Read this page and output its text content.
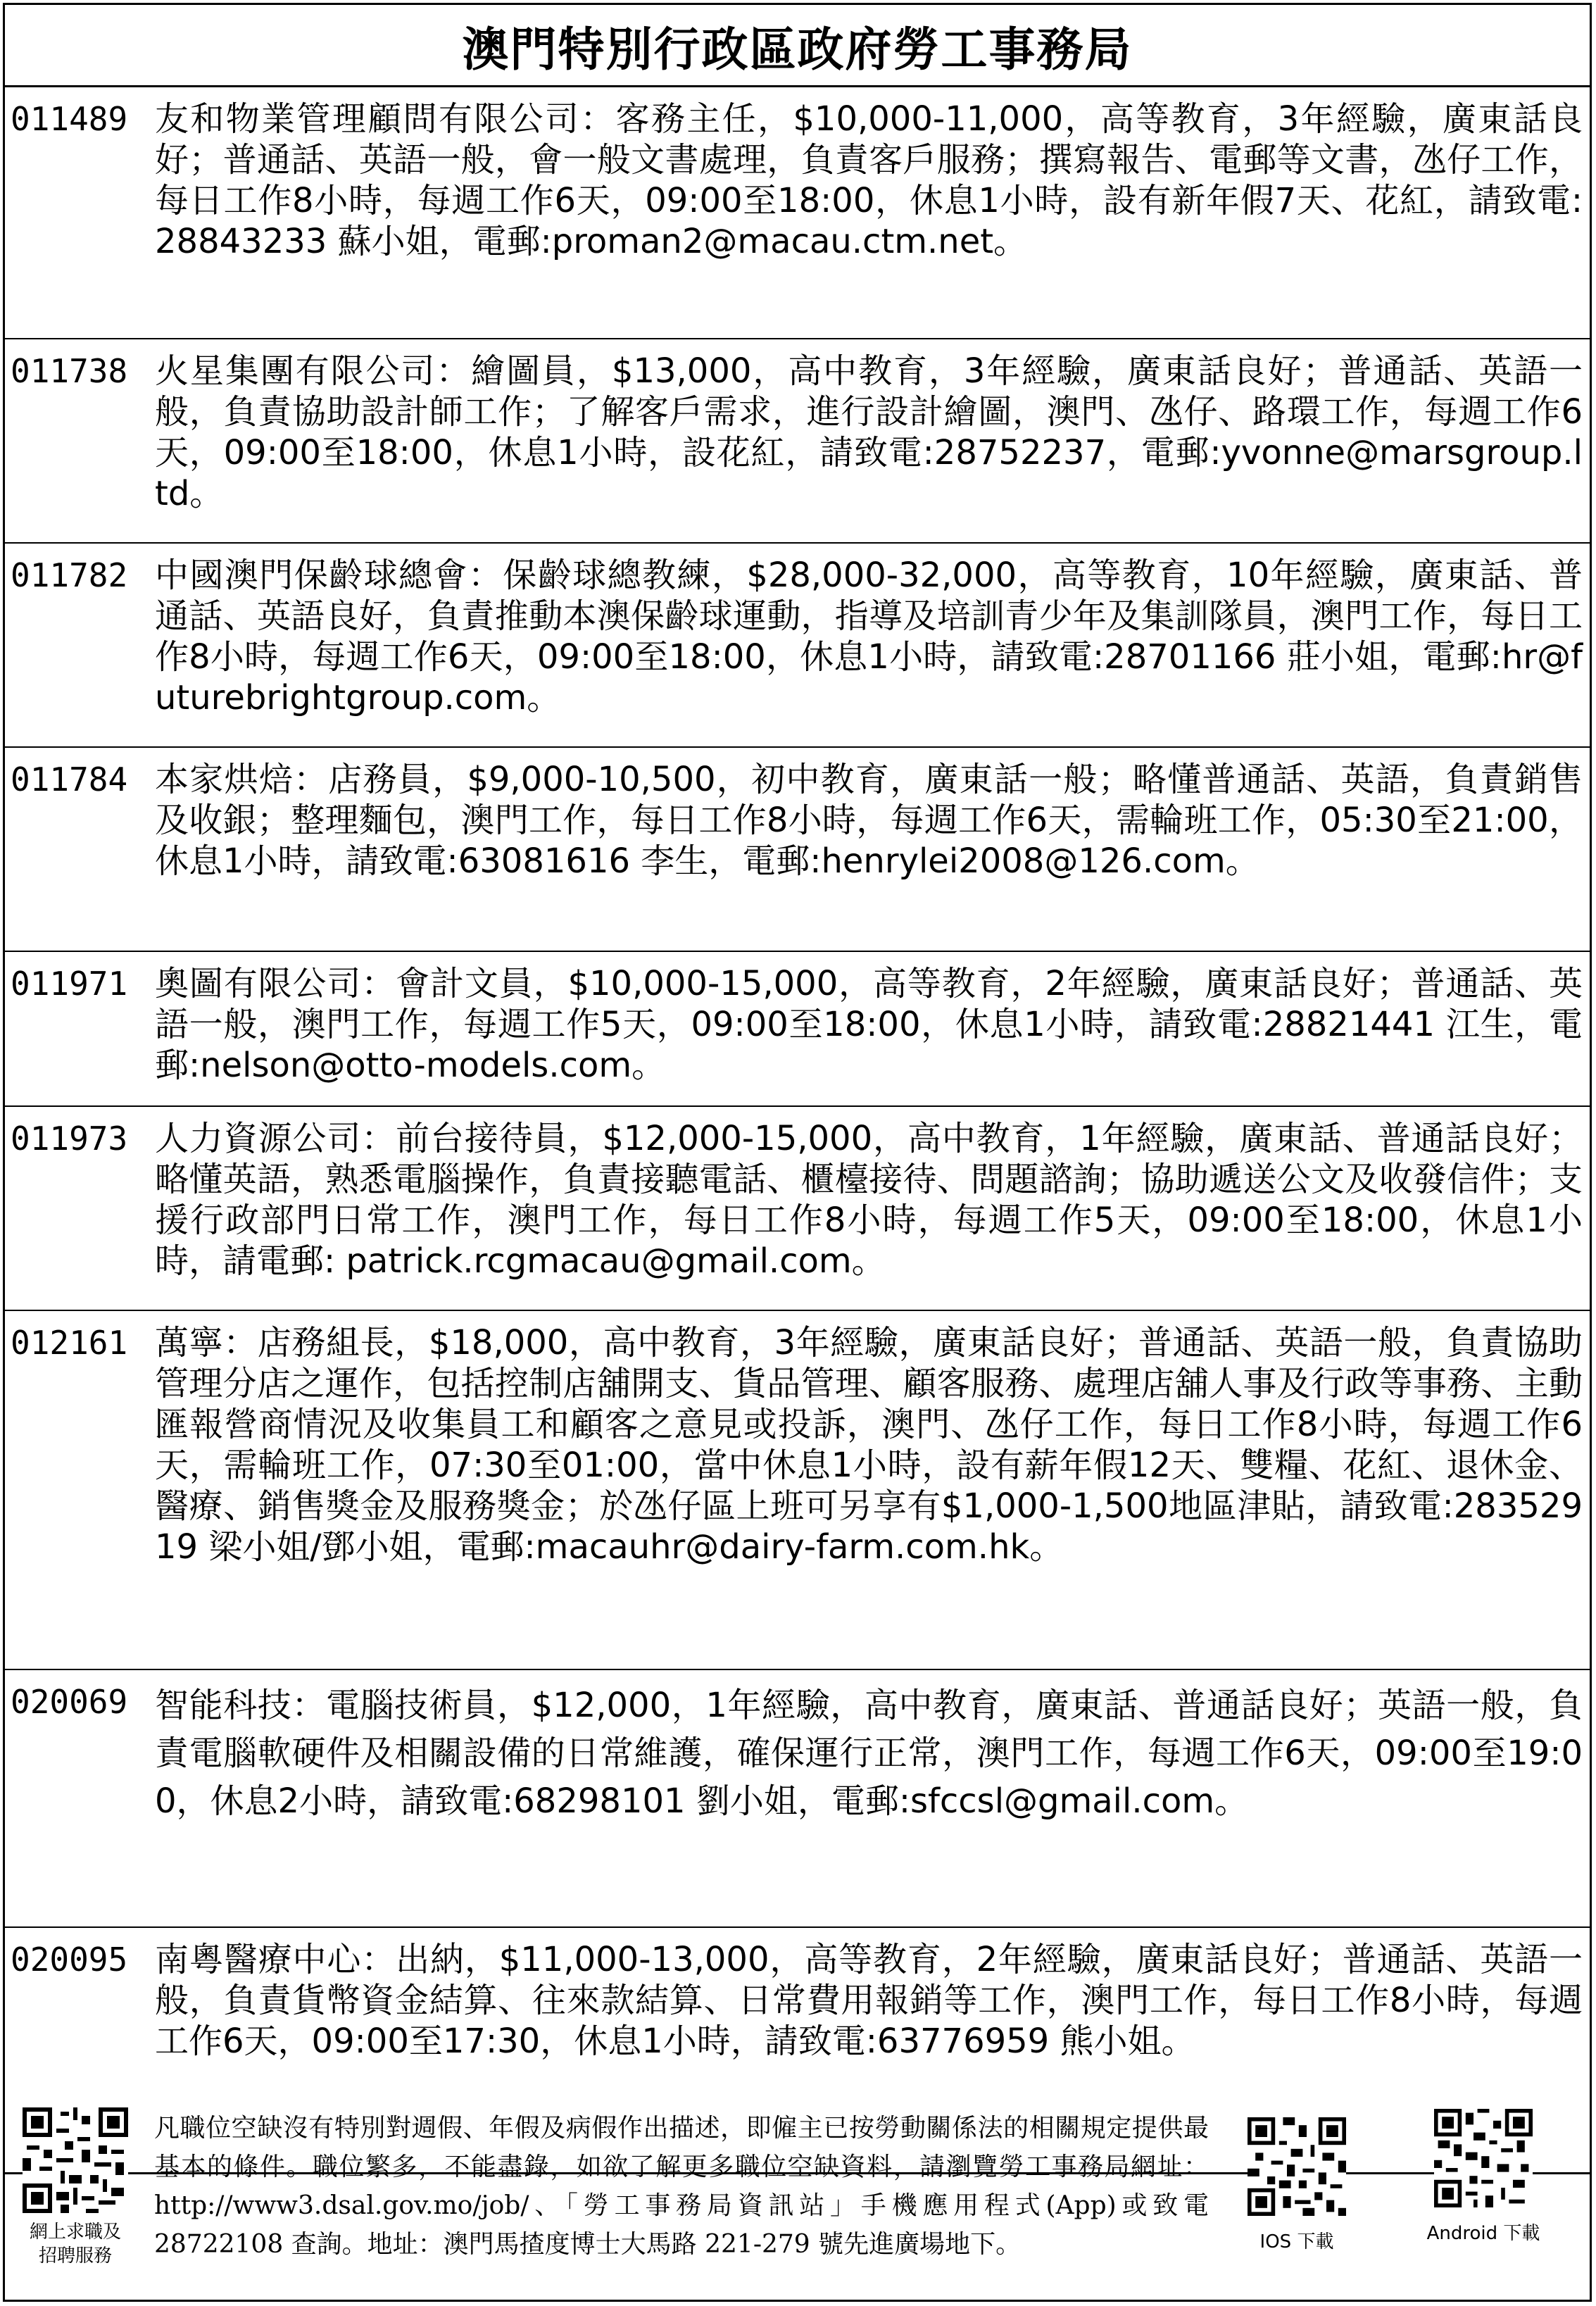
澳門特別行政區政府勞工事務局
011489 友和物業管理顧問有限公司：客務主任，$10,000-11,000，高等教育，3年經驗，廣東話良好；普通話、英語一般，會一般文書處理，負責客戶服務；撰寫報告、電郵等文書，氹仔工作，每日工作8小時，每週工作6天，09:00至18:00，休息1小時，設有新年假7天、花紅，請致電:28843233 蘇小姐，電郵:proman2@macau.ctm.net。
011738 火星集團有限公司：繪圖員，$13,000，高中教育，3年經驗，廣東話良好；普通話、英語一般，負責協助設計師工作；了解客戶需求，進行設計繪圖，澳門、氹仔、路環工作，每週工作6天，09:00至18:00，休息1小時，設花紅，請致電:28752237，電郵:yvonne@marsgroup.ltd。
011782 中國澳門保齡球總會：保齡球總教練，$28,000-32,000，高等教育，10年經驗，廣東話、普通話、英語良好，負責推動本澳保齡球運動，指導及培訓青少年及集訓隊員，澳門工作，每日工作8小時，每週工作6天，09:00至18:00，休息1小時，請致電:28701166 莊小姐，電郵:hr@futurebrightgroup.com。
011784 本家烘焙：店務員，$9,000-10,500，初中教育，廣東話一般；略懂普通話、英語，負責銷售及收銀；整理麵包，澳門工作，每日工作8小時，每週工作6天，需輪班工作，05:30至21:00，休息1小時，請致電:63081616 李生，電郵:henrylei2008@126.com。
011971 奧圖有限公司：會計文員，$10,000-15,000，高等教育，2年經驗，廣東話良好；普通話、英語一般，澳門工作，每週工作5天，09:00至18:00，休息1小時，請致電:28821441 江生，電郵:nelson@otto-models.com。
011973 人力資源公司：前台接待員，$12,000-15,000，高中教育，1年經驗，廣東話、普通話良好；略懂英語，熟悉電腦操作，負責接聽電話、櫃檯接待、問題諮詢；協助遞送公文及收發信件；支援行政部門日常工作，澳門工作，每日工作8小時，每週工作5天，09:00至18:00，休息1小時，請電郵: patrick.rcgmacau@gmail.com。
012161 萬寧：店務組長，$18,000，高中教育，3年經驗，廣東話良好；普通話、英語一般，負責協助管理分店之運作，包括控制店舖開支、貨品管理、顧客服務、處理店舖人事及行政等事務、主動匯報營商情況及收集員工和顧客之意見或投訴，澳門、氹仔工作，每日工作8小時，每週工作6天，需輪班工作，07:30至01:00，當中休息1小時，設有薪年假12天、雙糧、花紅、退休金、醫療、銷售獎金及服務獎金；於氹仔區上班可另享有$1,000-1,500地區津貼，請致電:28352919 梁小姐/鄧小姐，電郵:macauhr@dairy-farm.com.hk。
020069 智能科技：電腦技術員，$12,000，1年經驗，高中教育，廣東話、普通話良好；英語一般，負責電腦軟硬件及相關設備的日常維護，確保運行正常，澳門工作，每週工作6天，09:00至19:00，休息2小時，請致電:68298101 劉小姐，電郵:sfccsl@gmail.com。
020095 南粵醫療中心：出納，$11,000-13,000，高等教育，2年經驗，廣東話良好；普通話、英語一般，負責貨幣資金結算、往來款結算、日常費用報銷等工作，澳門工作，每日工作8小時，每週工作6天，09:00至17:30，休息1小時，請致電:63776959 熊小姐。
網上求職及
招聘服務
凡職位空缺沒有特別對週假、年假及病假作出描述，即僱主已按勞動關係法的相關規定提供最基本的條件。職位繁多，不能盡錄，如欲了解更多職位空缺資料，請瀏覽勞工事務局網址：http://www3.dsal.gov.mo/job/、「勞工事務局資訊站」手機應用程式(App)或致電 28722108 查詢。地址：澳門馬揸度博士大馬路 221-279 號先進廣場地下。	IOS 下載	Android 下載
